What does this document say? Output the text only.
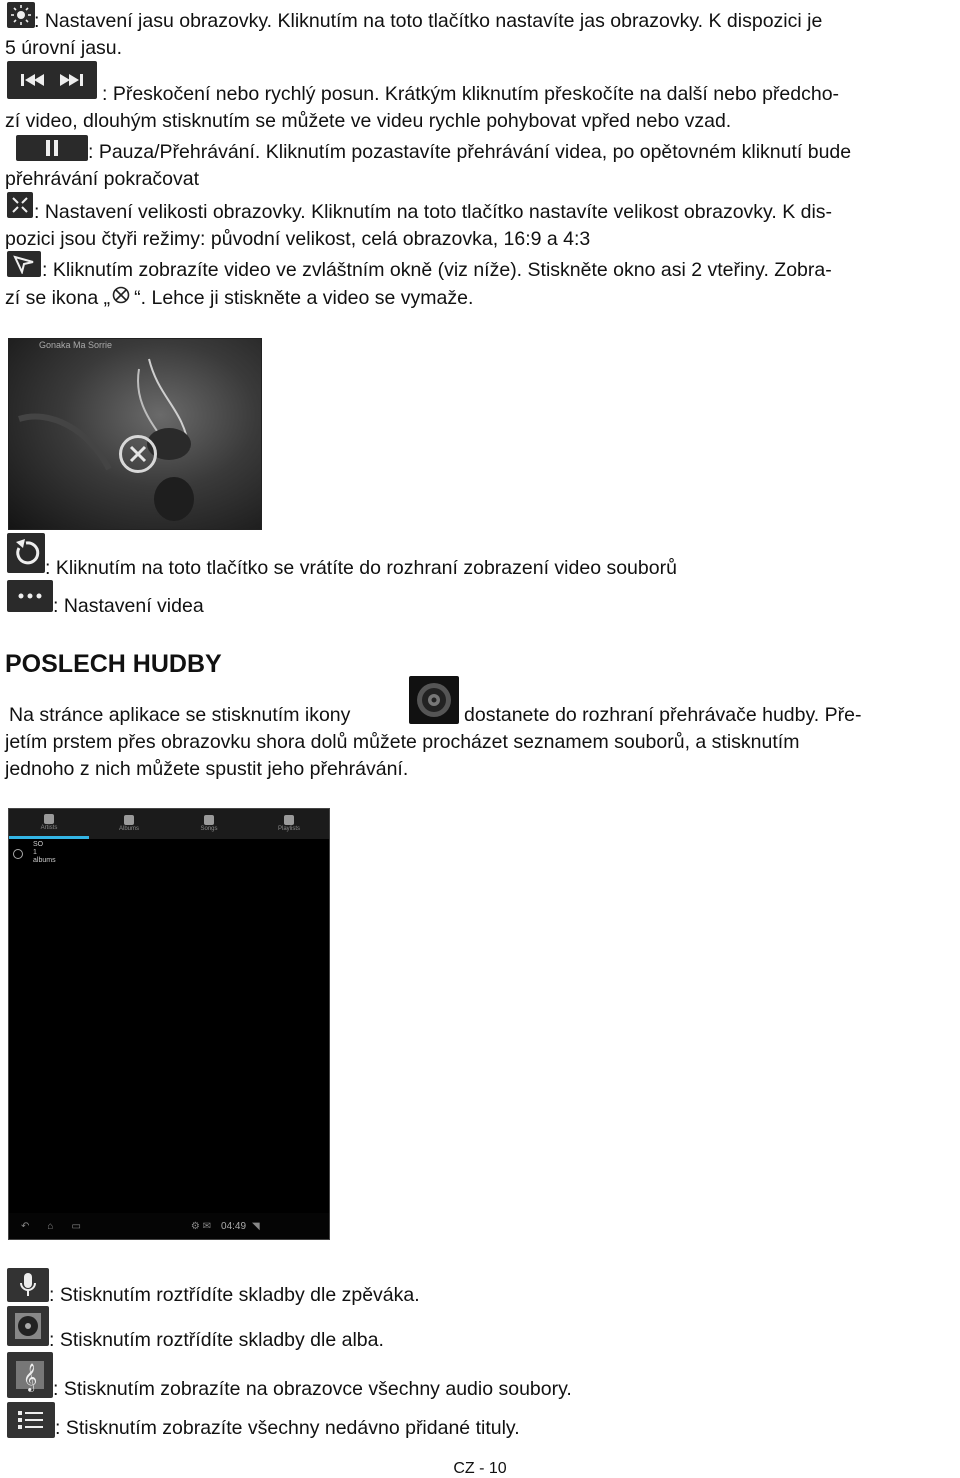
: Nastavení jasu obrazovky. Kliknutím na toto tlačítko nastavíte jas obrazovky. K dispozici je
5 úrovní jasu.
: Přeskočení nebo rychlý posun. Krátkým kliknutím přeskočíte na další nebo předcho-
zí video, dlouhým stisknutím se můžete ve videu rychle pohybovat vpřed nebo vzad.
: Pauza/Přehrávání. Kliknutím pozastavíte přehrávání videa, po opětovném kliknutí bude
přehrávání pokračovat
: Nastavení velikosti obrazovky. Kliknutím na toto tlačítko nastavíte velikost obrazovky. K dis-
pozici jsou čtyři režimy: původní velikost, celá obrazovka, 16:9 a 4:3
: Kliknutím zobrazíte video ve zvláštním okně (viz níže). Stiskněte okno asi 2 vteřiny. Zobra-
zí se ikona „ “. Lehce ji stiskněte a video se vymaže.
Gonaka Ma Sorrie
: Kliknutím na toto tlačítko se vrátíte do rozhraní zobrazení video souborů
: Nastavení videa
POSLECH HUDBY
Na stránce aplikace se stisknutím ikony	dostanete do rozhraní přehrávače hudby. Pře-
jetím prstem přes obrazovku shora dolů můžete procházet seznamem souborů, a stisknutím
jednoho z nich můžete spustit jeho přehrávání.
Artists	Albums	Songs	Playlists
SO
1 albums
↶ ⌂ ▭	⚙ ✉ 04:49 ◥
: Stisknutím roztřídíte skladby dle zpěváka.
: Stisknutím roztřídíte skladby dle alba.
𝄞 : Stisknutím zobrazíte na obrazovce všechny audio soubory.
: Stisknutím zobrazíte všechny nedávno přidané tituly.
CZ - 10
